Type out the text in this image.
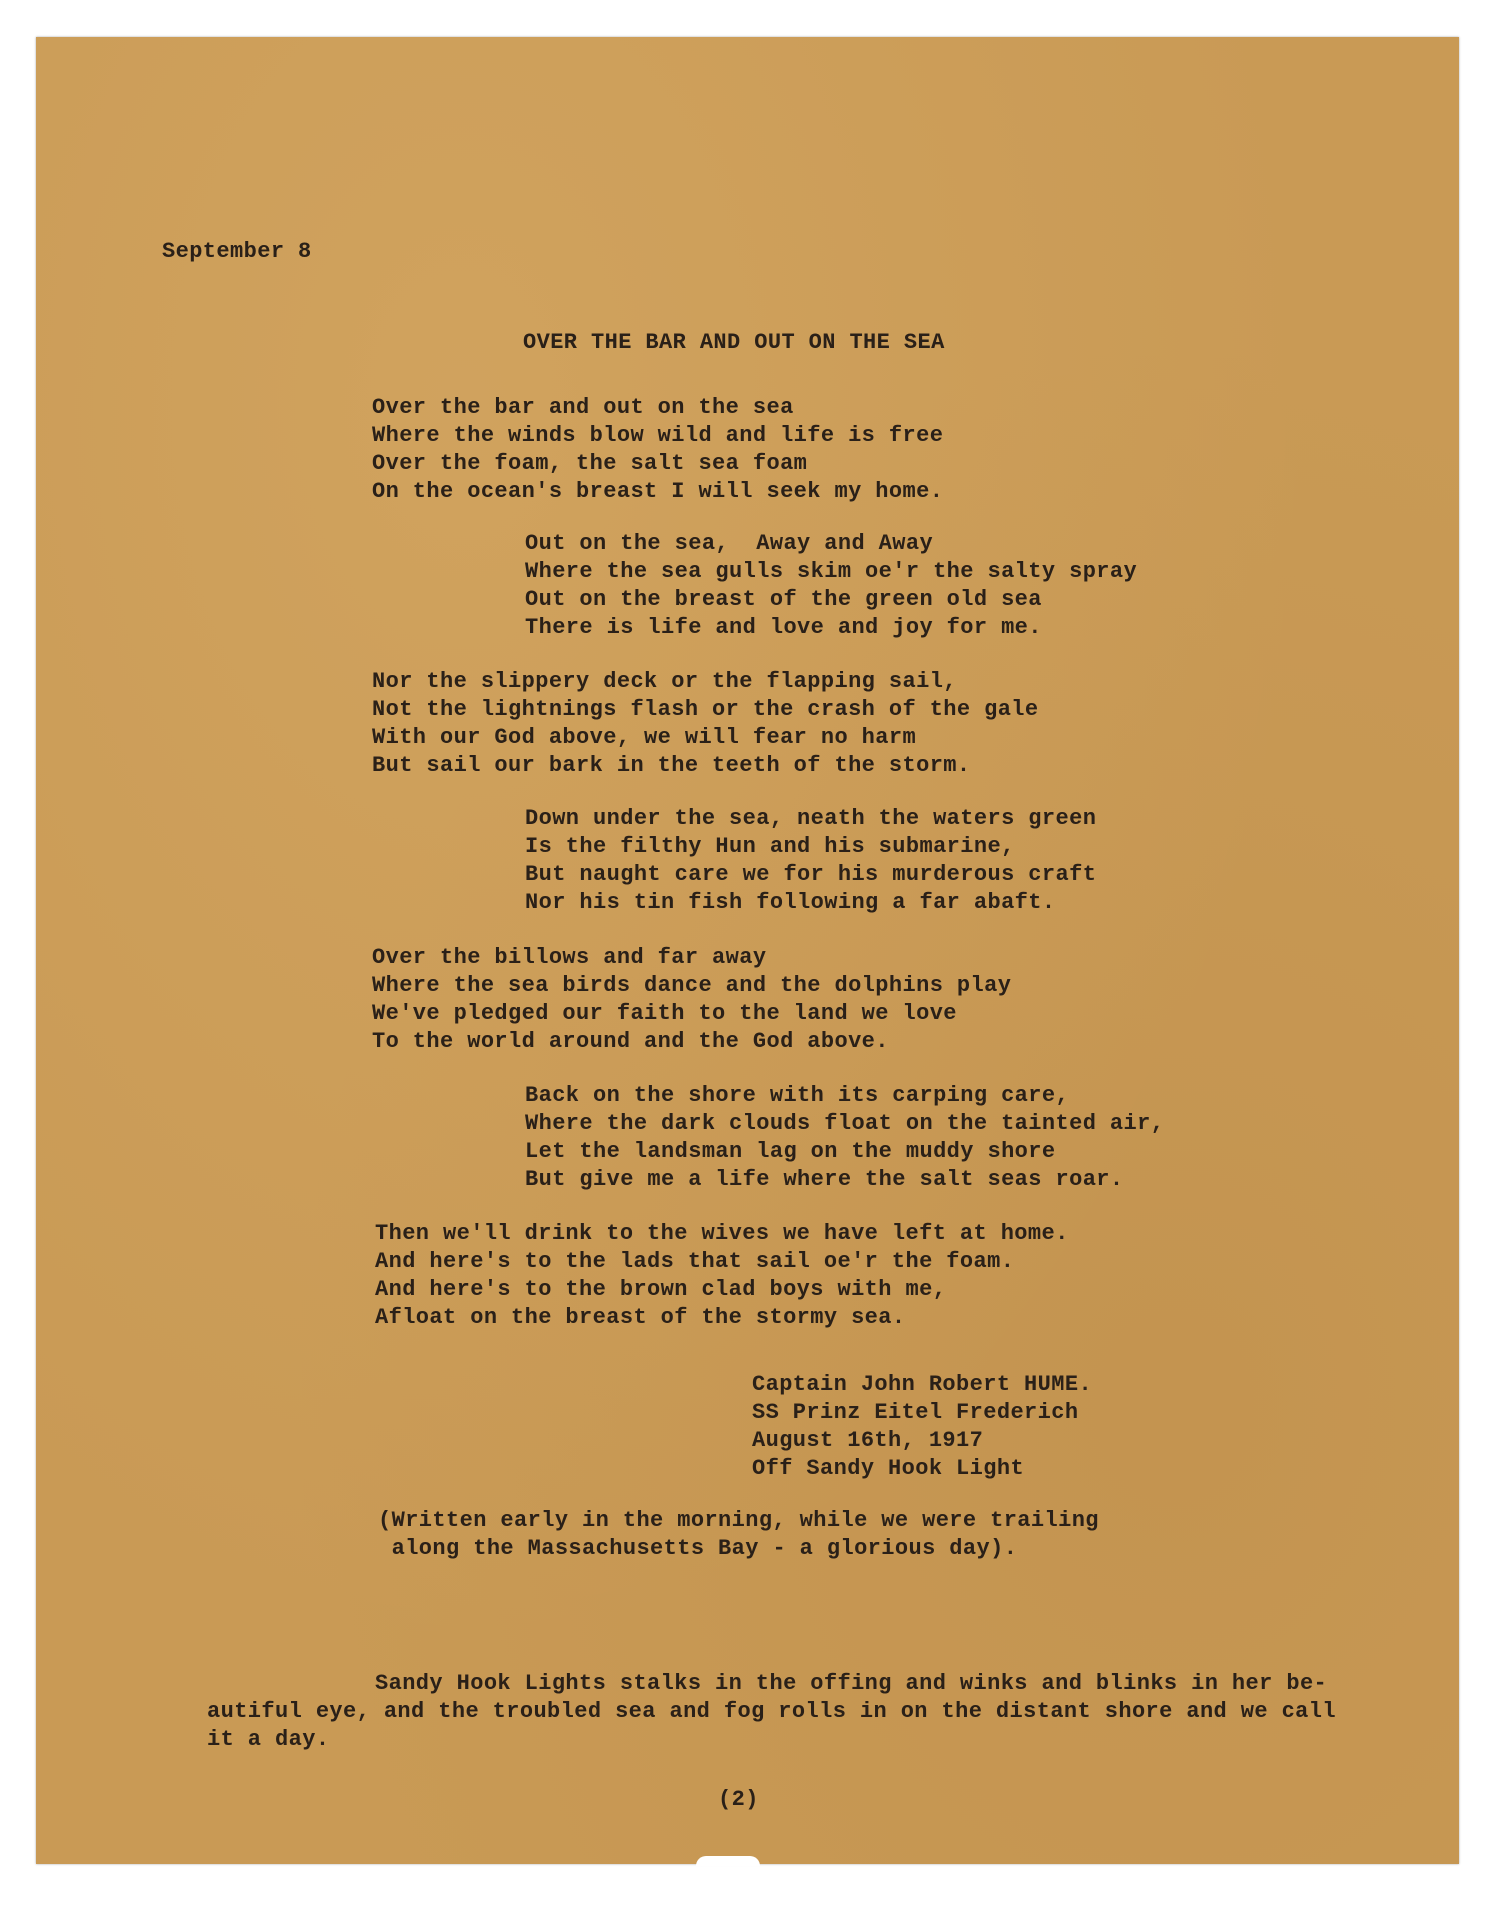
September 8
OVER THE BAR AND OUT ON THE SEA
Over the bar and out on the sea
Where the winds blow wild and life is free
Over the foam, the salt sea foam
On the ocean's breast I will seek my home.
Out on the sea,  Away and Away
Where the sea gulls skim oe'r the salty spray
Out on the breast of the green old sea
There is life and love and joy for me.
Nor the slippery deck or the flapping sail,
Not the lightnings flash or the crash of the gale
With our God above, we will fear no harm
But sail our bark in the teeth of the storm.
Down under the sea, neath the waters green
Is the filthy Hun and his submarine,
But naught care we for his murderous craft
Nor his tin fish following a far abaft.
Over the billows and far away
Where the sea birds dance and the dolphins play
We've pledged our faith to the land we love
To the world around and the God above.
Back on the shore with its carping care,
Where the dark clouds float on the tainted air,
Let the landsman lag on the muddy shore
But give me a life where the salt seas roar.
Then we'll drink to the wives we have left at home.
And here's to the lads that sail oe'r the foam.
And here's to the brown clad boys with me,
Afloat on the breast of the stormy sea.
Captain John Robert HUME.
SS Prinz Eitel Frederich
August 16th, 1917
Off Sandy Hook Light
(Written early in the morning, while we were trailing
along the Massachusetts Bay - a glorious day).

Sandy Hook Lights stalks in the offing and winks and blinks in her be-autiful eye, and the troubled sea and fog rolls in on the distant shore and we call it a day.

(2)
